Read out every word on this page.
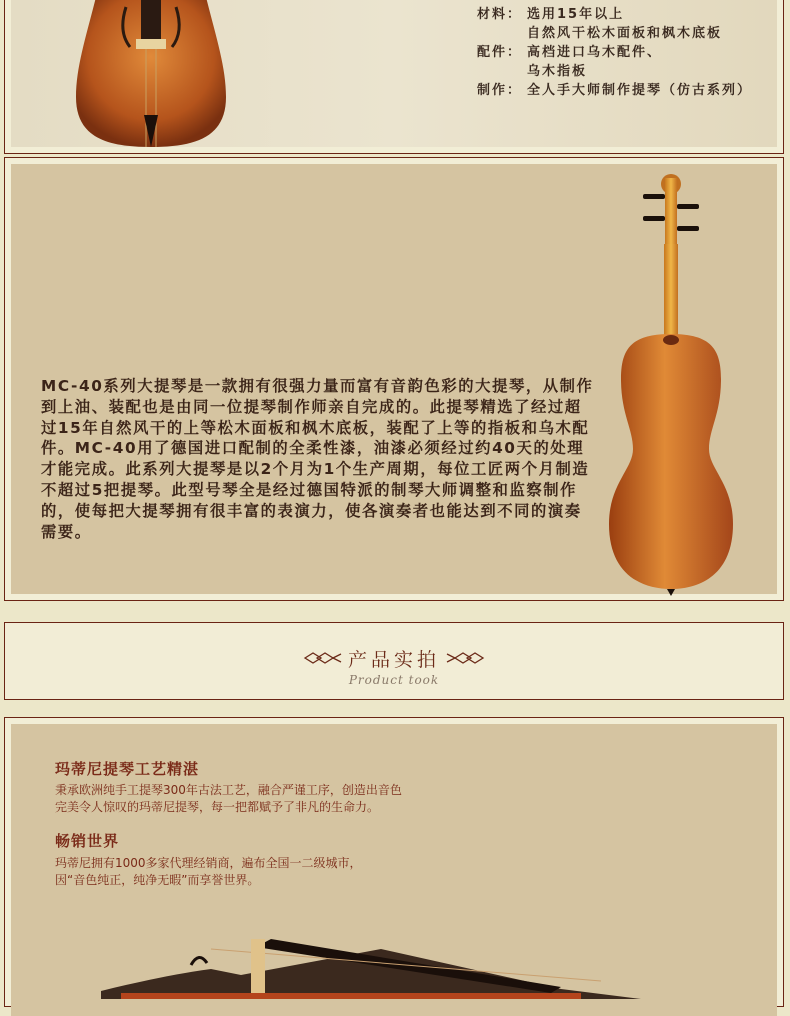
材料： 选用15年以上
自然风干松木面板和枫木底板
配件： 高档进口乌木配件、
乌木指板
制作： 全人手大师制作提琴（仿古系列）
MC-40系列大提琴是一款拥有很强力量而富有音韵色彩的大提琴，从制作到上油、装配也是由同一位提琴制作师亲自完成的。此提琴精选了经过超过15年自然风干的上等松木面板和枫木底板，装配了上等的指板和乌木配件。MC-40用了德国进口配制的全柔性漆，油漆必须经过约40天的处理才能完成。此系列大提琴是以2个月为1个生产周期，每位工匠两个月制造不超过5把提琴。此型号琴全是经过德国特派的制琴大师调整和监察制作的，使每把大提琴拥有很丰富的表演力，使各演奏者也能达到不同的演奏需要。
产品实拍
Product took
玛蒂尼提琴工艺精湛
秉承欧洲纯手工提琴300年古法工艺，融合严谨工序，创造出音色
完美令人惊叹的玛蒂尼提琴，每一把都赋予了非凡的生命力。
畅销世界
玛蒂尼拥有1000多家代理经销商，遍布全国一二级城市，
因“音色纯正，纯净无暇”而享誉世界。
